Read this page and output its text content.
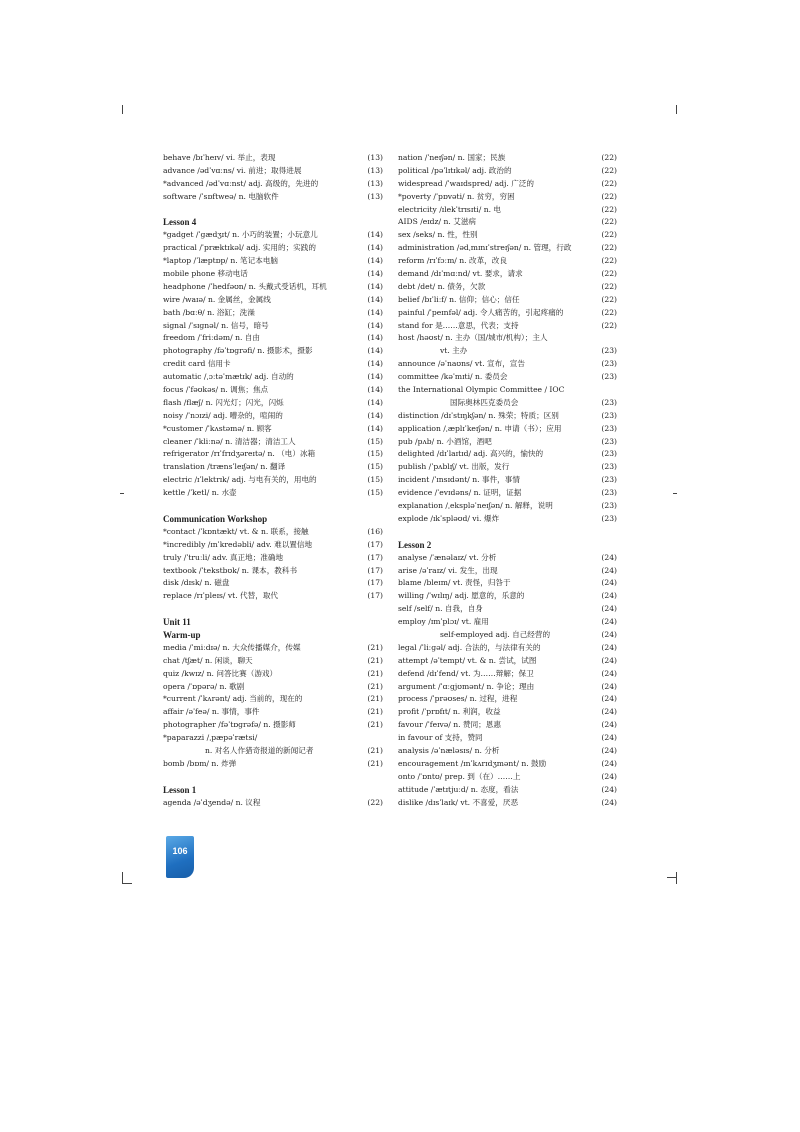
behave /bɪˈheɪv/ vi. 举止，表现	(13)
advance /ədˈvɑːns/ vi. 前进；取得进展	(13)
*advanced /ədˈvɑːnst/ adj. 高级的，先进的	(13)
software /ˈsɒftweə/ n. 电脑软件	(13)
Lesson 4
*gadget /ˈɡædʒɪt/ n. 小巧的装置；小玩意儿	(14)
practical /ˈpræktɪkəl/ adj. 实用的；实践的	(14)
*laptop /ˈlæptɒp/ n. 笔记本电脑	(14)
mobile phone 移动电话	(14)
headphone /ˈhedfəʊn/ n. 头戴式受话机，耳机	(14)
wire /waɪə/ n. 金属丝，金属线	(14)
bath /bɑːθ/ n. 浴缸；洗澡	(14)
signal /ˈsɪɡnəl/ n. 信号，暗号	(14)
freedom /ˈfriːdəm/ n. 自由	(14)
photography /fəˈtɒɡrəfi/ n. 摄影术，摄影	(14)
credit card 信用卡	(14)
automatic /ˌɔːtəˈmætɪk/ adj. 自动的	(14)
focus /ˈfəʊkəs/ n. 调焦；焦点	(14)
flash /flæʃ/ n. 闪光灯；闪光，闪烁	(14)
noisy /ˈnɔɪzi/ adj. 嘈杂的，喧闹的	(14)
*customer /ˈkʌstəmə/ n. 顾客	(14)
cleaner /ˈkliːnə/ n. 清洁器；清洁工人	(15)
refrigerator /rɪˈfrɪdʒəreɪtə/ n. （电）冰箱	(15)
translation /trænsˈleɪʃən/ n. 翻译	(15)
electric /ɪˈlektrɪk/ adj. 与电有关的，用电的	(15)
kettle /ˈketl/ n. 水壶	(15)
Communication Workshop
*contact /ˈkɒntækt/ vt. & n. 联系，接触	(16)
*incredibly /ɪnˈkredəbli/ adv. 难以置信地	(17)
truly /ˈtruːli/ adv. 真正地；准确地	(17)
textbook /ˈtekstbʊk/ n. 课本，教科书	(17)
disk /dɪsk/ n. 磁盘	(17)
replace /rɪˈpleɪs/ vt. 代替，取代	(17)
Unit 11
Warm-up
media /ˈmiːdɪə/ n. 大众传播媒介，传媒	(21)
chat /tʃæt/ n. 闲谈，聊天	(21)
quiz /kwɪz/ n. 问答比赛（游戏）	(21)
opera /ˈɒpərə/ n. 歌剧	(21)
*current /ˈkʌrənt/ adj. 当前的，现在的	(21)
affair /əˈfeə/ n. 事情，事件	(21)
photographer /fəˈtɒɡrəfə/ n. 摄影师	(21)
*paparazzi /ˌpæpəˈrætsi/
n. 对名人作猎奇报道的新闻记者	(21)
bomb /bɒm/ n. 炸弹	(21)
Lesson 1
agenda /əˈdʒendə/ n. 议程	(22)
nation /ˈneɪʃən/ n. 国家；民族	(22)
political /pəˈlɪtɪkəl/ adj. 政治的	(22)
widespread /ˈwaɪdspred/ adj. 广泛的	(22)
*poverty /ˈpɒvəti/ n. 贫穷，穷困	(22)
electricity /ɪlekˈtrɪsɪti/ n. 电	(22)
AIDS /eɪdz/ n. 艾滋病	(22)
sex /seks/ n. 性，性别	(22)
administration /ədˌmɪnɪˈstreɪʃən/ n. 管理，行政	(22)
reform /rɪˈfɔːm/ n. 改革，改良	(22)
demand /dɪˈmɑːnd/ vt. 要求，请求	(22)
debt /det/ n. 债务，欠款	(22)
belief /bɪˈliːf/ n. 信仰；信心；信任	(22)
painful /ˈpeɪnfəl/ adj. 令人痛苦的，引起疼痛的	(22)
stand for 是……意思，代表；支持	(22)
host /həʊst/ n. 主办（国/城市/机构）；主人
vt. 主办	(23)
announce /əˈnaʊns/ vt. 宣布，宣告	(23)
committee /kəˈmɪti/ n. 委员会	(23)
the International Olympic Committee / IOC
国际奥林匹克委员会	(23)
distinction /dɪˈstɪŋkʃən/ n. 殊荣；特质；区别	(23)
application /ˌæplɪˈkeɪʃən/ n. 申请（书）；应用	(23)
pub /pʌb/ n. 小酒馆，酒吧	(23)
delighted /dɪˈlaɪtɪd/ adj. 高兴的，愉快的	(23)
publish /ˈpʌblɪʃ/ vt. 出版，发行	(23)
incident /ˈɪnsɪdənt/ n. 事件，事情	(23)
evidence /ˈevɪdəns/ n. 证明，证据	(23)
explanation /ˌekspləˈneɪʃən/ n. 解释，说明	(23)
explode /ɪkˈspləʊd/ vi. 爆炸	(23)
Lesson 2
analyse /ˈænəlaɪz/ vt. 分析	(24)
arise /əˈraɪz/ vi. 发生，出现	(24)
blame /bleɪm/ vt. 责怪，归咎于	(24)
willing /ˈwɪlɪŋ/ adj. 愿意的，乐意的	(24)
self /self/ n. 自我，自身	(24)
employ /ɪmˈplɔɪ/ vt. 雇用	(24)
self-employed adj. 自己经营的	(24)
legal /ˈliːɡəl/ adj. 合法的，与法律有关的	(24)
attempt /əˈtempt/ vt. & n. 尝试，试图	(24)
defend /dɪˈfend/ vt. 为……辩解；保卫	(24)
argument /ˈɑːɡjʊmənt/ n. 争论；理由	(24)
process /ˈprəʊses/ n. 过程，进程	(24)
profit /ˈprɒfɪt/ n. 利润，收益	(24)
favour /ˈfeɪvə/ n. 赞同；恩惠	(24)
in favour of 支持，赞同	(24)
analysis /əˈnæləsɪs/ n. 分析	(24)
encouragement /ɪnˈkʌrɪdʒmənt/ n. 鼓励	(24)
onto /ˈɒntʊ/ prep. 到（在）……上	(24)
attitude /ˈætɪtjuːd/ n. 态度，看法	(24)
dislike /dɪsˈlaɪk/ vt. 不喜爱，厌恶	(24)
106
